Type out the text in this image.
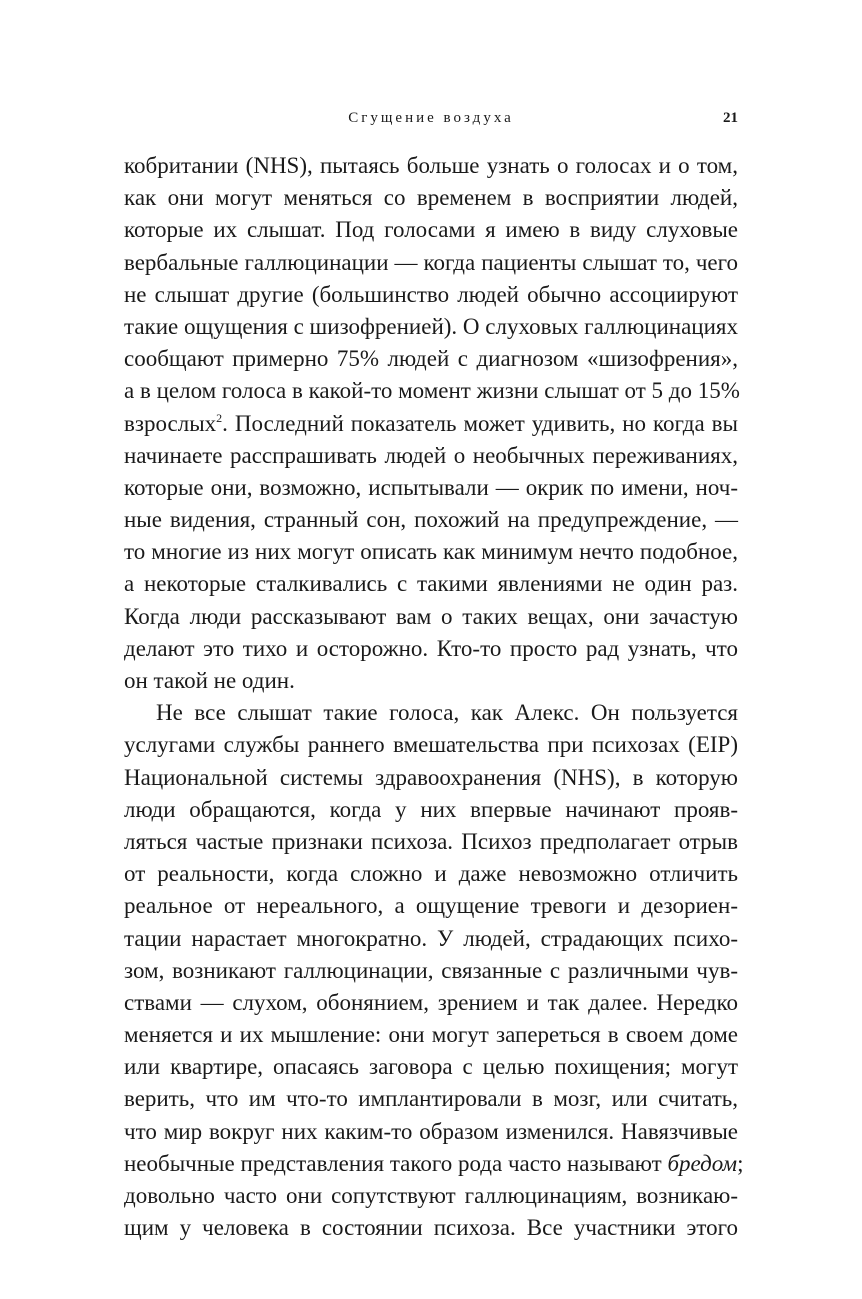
Сгущение воздуха	21
кобритании (NHS), пытаясь больше узнать о голосах и о том,
как они могут меняться со временем в восприятии людей,
которые их слышат. Под голосами я имею в виду слуховые
вербальные галлюцинации — когда пациенты слышат то, чего
не слышат другие (большинство людей обычно ассоциируют
такие ощущения с шизофренией). О слуховых галлюцинациях
сообщают примерно 75% людей с диагнозом «шизофрения»,
а в целом голоса в какой-то момент жизни слышат от 5 до 15%
взрослых$^2$. Последний показатель может удивить, но когда вы
начинаете расспрашивать людей о необычных переживаниях,
которые они, возможно, испытывали — окрик по имени, ноч-
ные видения, странный сон, похожий на предупреждение, —
то многие из них могут описать как минимум нечто подобное,
а некоторые сталкивались с такими явлениями не один раз.
Когда люди рассказывают вам о таких вещах, они зачастую
делают это тихо и осторожно. Кто-то просто рад узнать, что
он такой не один.
Не все слышат такие голоса, как Алекс. Он пользуется
услугами службы раннего вмешательства при психозах (EIP)
Национальной системы здравоохранения (NHS), в которую
люди обращаются, когда у них впервые начинают прояв-
ляться частые признаки психоза. Психоз предполагает отрыв
от реальности, когда сложно и даже невозможно отличить
реальное от нереального, а ощущение тревоги и дезориен-
тации нарастает многократно. У людей, страдающих психо-
зом, возникают галлюцинации, связанные с различными чув-
ствами — слухом, обонянием, зрением и так далее. Нередко
меняется и их мышление: они могут запереться в своем доме
или квартире, опасаясь заговора с целью похищения; могут
верить, что им что-то имплантировали в мозг, или считать,
что мир вокруг них каким-то образом изменился. Навязчивые
необычные представления такого рода часто называют бредом;
довольно часто они сопутствуют галлюцинациям, возникаю-
щим у человека в состоянии психоза. Все участники этого
